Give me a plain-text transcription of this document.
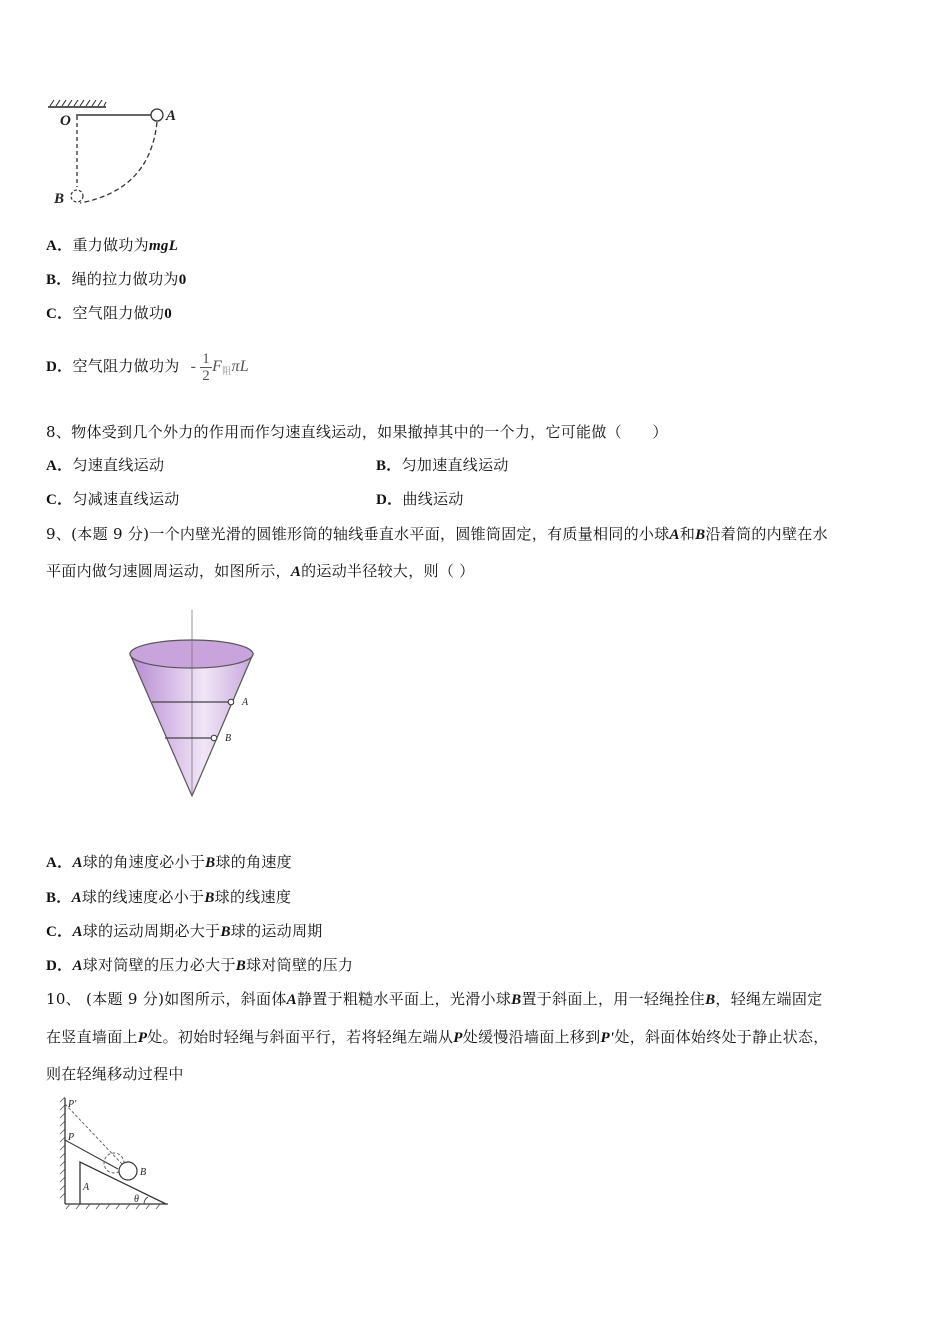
O	A
B
A．重力做功为mgL
B．绳的拉力做功为0
C．空气阻力做功0
D．空气阻力做功为 - $\frac{1}{2} F_阻\pi L$
8、物体受到几个外力的作用而作匀速直线运动，如果撤掉其中的一个力，它可能做（　　）
A．匀速直线运动	B．匀加速直线运动
C．匀减速直线运动	D．曲线运动
9、(本题 9 分)一个内壁光滑的圆锥形筒的轴线垂直水平面，圆锥筒固定，有质量相同的小球A和B沿着筒的内壁在水
平面内做匀速圆周运动，如图所示，A的运动半径较大，则（ ）
A
B
A．A球的角速度必小于B球的角速度
B．A球的线速度必小于B球的线速度
C．A球的运动周期必大于B球的运动周期
D．A球对筒壁的压力必大于B球对筒壁的压力
10、 (本题 9 分)如图所示，斜面体A静置于粗糙水平面上，光滑小球B置于斜面上，用一轻绳拴住B，轻绳左端固定
在竖直墙面上P处。初始时轻绳与斜面平行，若将轻绳左端从P处缓慢沿墙面上移到P'处，斜面体始终处于静止状态，
则在轻绳移动过程中
P'
P
B
A
θ
